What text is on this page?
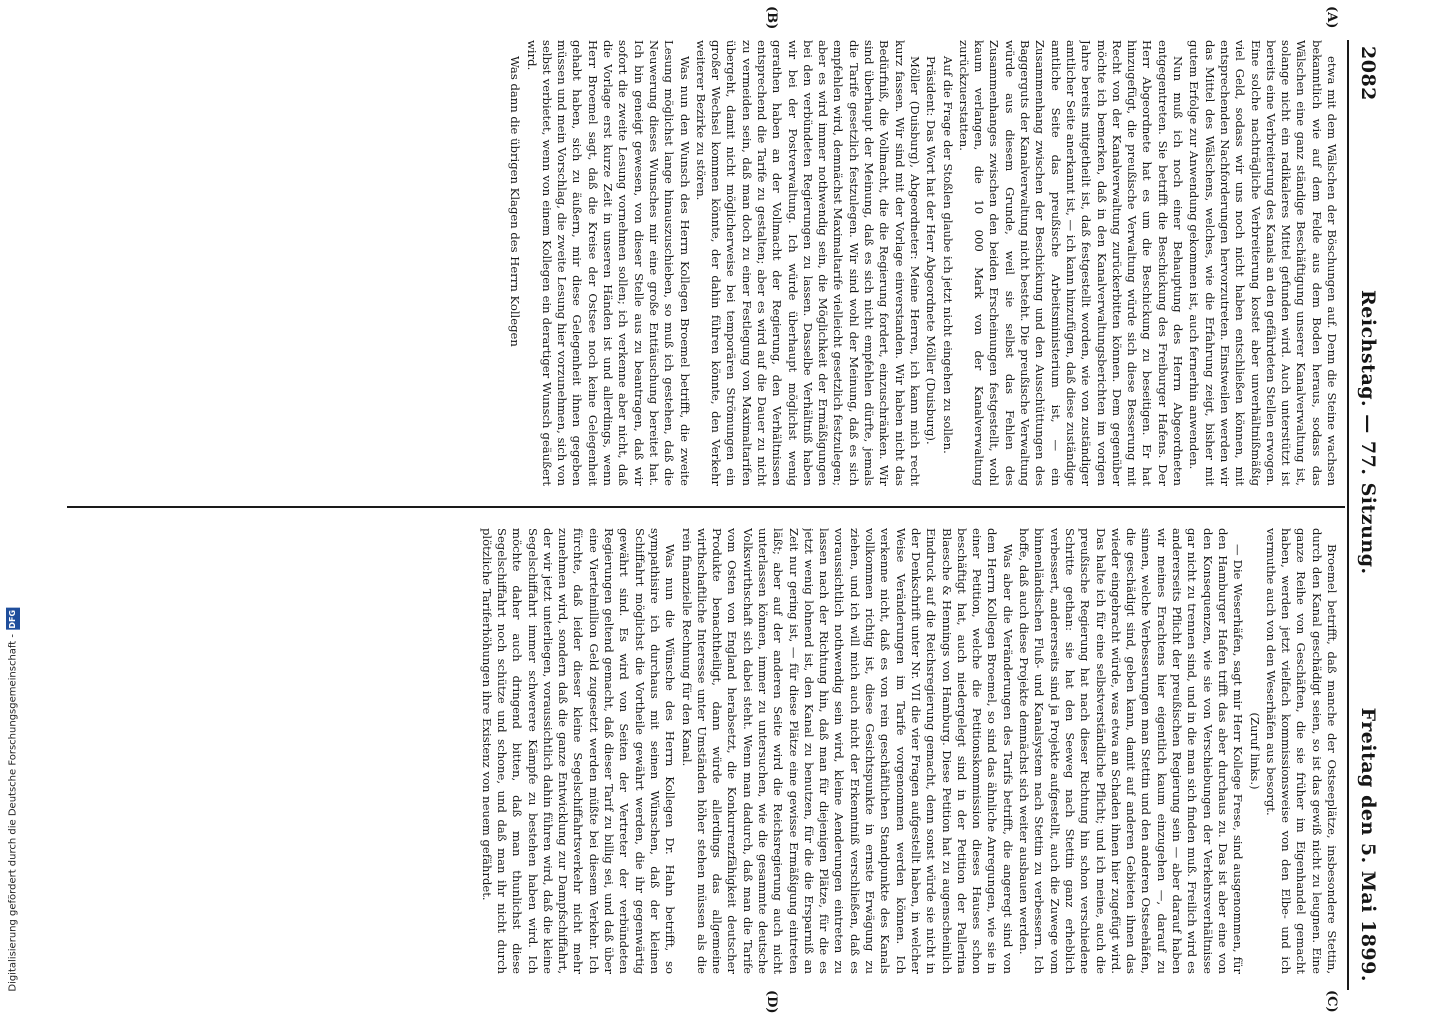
2082
Reichstag. — 77. Sitzung.
Freitag den 5. Mai 1899.
(A)
(B)
(C)
(D)

etwa mit dem Wälschen der Böschungen auf. Denn die Steine wachsen bekanntlich wie auf dem Felde aus dem Boden heraus, sodass das Wälschen eine ganz ständige Beschäftigung unserer Kanalverwaltung ist, solange nicht ein radikaleres Mittel gefunden wird. Auch unterstützt ist bereits eine Verbreiterung des Kanals an den gefährdeten Stellen erwogen. Eine solche nachträgliche Verbreiterung kostet aber unverhältnißmäßig viel Geld, sodass wir uns noch nicht haben entschließen können, mit entsprechenden Nachforderungen hervorzutreten. Einstweilen werden wir das Mittel des Wälschens, welches, wie die Erfahrung zeigt, bisher mit gutem Erfolge zur Anwendung gekommen ist, auch fernerhin anwenden.

Nun muß ich noch einer Behauptung des Herrn Abgeordneten entgegentreten. Sie betrifft die Beschickung des Freiburger Hafens. Der Herr Abgeordnete hat es um die Beschickung zu beseitigen. Er hat hinzugefügt, die preußische Verwaltung würde sich diese Besserung mit Recht von der Kanalverwaltung zurückerbitten können. Dem gegenüber möchte ich bemerken, daß in den Kanalverwaltungsberichten im vorigen Jahre bereits mitgetheilt ist, daß festgestellt worden, wie von zuständiger amtlicher Seite anerkannt ist, — ich kann hinzufügen, daß diese zuständige amtliche Seite das preußische Arbeitsministerium ist, — ein Zusammenhang zwischen der Beschickung und den Ausschüttungen des Baggerguts der Kanalverwaltung nicht besteht. Die preußische Verwaltung würde aus diesem Grunde, weil sie selbst das Fehlen des Zusammenhanges zwischen den beiden Erscheinungen festgestellt, wohl kaum verlangen, die 10 000 Mark von der Kanalverwaltung zurückzuerstatten.

Auf die Frage der Stoßlen glaube ich jetzt nicht eingehen zu sollen.

Präsident: Das Wort hat der Herr Abgeordnete Möller (Duisburg).

Möller (Duisburg), Abgeordneter: Meine Herren, ich kann mich recht kurz fassen. Wir sind mit der Vorlage einverstanden. Wir haben nicht das Bedürfniß, die Vollmacht, die die Regierung fordert, einzuschränken. Wir sind überhaupt der Meinung, daß es sich nicht empfehlen dürfte, jemals die Tarife gesetzlich festzulegen. Wir sind wohl der Meinung, daß es sich empfehlen wird, demnächst Maximaltarife vielleicht gesetzlich festzulegen; aber es wird immer nothwendig sein, die Möglichkeit der Ermäßigungen bei den verbündeten Regierungen zu lassen. Dasselbe Verhältniß haben wir bei der Postverwaltung. Ich würde überhaupt möglichst wenig gerathen haben an der Vollmacht der Regierung, den Verhältnissen entsprechend die Tarife zu gestalten; aber es wird auf die Dauer zu nicht zu vermeiden sein, daß man doch zu einer Festlegung von Maximaltarifen übergeht, damit nicht möglicherweise bei temporären Strömungen ein großer Wechsel kommen könnte, der dahin führen könnte, den Verkehr weiterer Bezirke zu stören.

Was nun den Wunsch des Herrn Kollegen Broemel betrifft, die zweite Lesung möglichst lange hinauszuschieben, so muß ich gestehen, daß die Neuwerung dieses Wunsches mir eine große Enttäuschung bereitet hat. Ich bin geneigt gewesen, von dieser Stelle aus zu beantragen, daß wir sofort die zweite Lesung vornehmen sollen; ich verkenne aber nicht, daß die Vorlage erst kurze Zeit in unseren Händen ist und allerdings, wenn Herr Broemel sagt, daß die Kreise der Ostsee noch keine Gelegenheit gehabt haben, sich zu äußern, mir diese Gelegenheit ihnen gegeben müssen und mein Vorschlag, die zweite Lesung hier vorzunehmen, sich von selbst verbietet, wenn von einem Kollegen ein derartiger Wunsch geäußert wird.

Was dann die übrigen Klagen des Herrn Kollegen

Broemel betrifft, daß manche der Ostseeplätze, insbesondere Stettin, durch den Kanal geschädigt seien, so ist das gewiß nicht zu leugnen. Eine ganze Reihe von Geschäften, die sie früher im Eigenhandel gemacht haben, werden jetzt vielfach kommissionsweise von den Elbe- und ich vermuthe auch von den Weserhäfen aus besorgt.

(Zuruf links.)

— Die Weserhäfen, sagt mir Herr Kollege Frese, sind ausgenommen, für den Hamburger Hafen trifft das aber durchaus zu. Das ist aber eine von den Konsequenzen, wie sie von Verschiebungen der Verkehrsverhältnisse gar nicht zu trennen sind, und in die man sich finden muß. Freilich wird es andererseits Pflicht der preußischen Regierung sein — aber darauf haben wir meines Erachtens hier eigentlich kaum einzugehen —, darauf zu sinnen, welche Verbesserungen man Stettin und den anderen Ostseehäfen, die geschädigt sind, geben kann, damit auf anderen Gebieten ihnen das wieder eingebracht würde, was etwa an Schaden ihnen hier zugefügt wird. Das halte ich für eine selbstverständliche Pflicht; und ich meine, auch die preußische Regierung hat nach dieser Richtung hin schon verschiedene Schritte gethan: sie hat den Seeweg nach Stettin ganz erheblich verbessert, andererseits sind ja Projekte aufgestellt, auch die Zuwege vom binnenländischen Fluß- und Kanalsystem nach Stettin zu verbessern. Ich hoffe, daß auch diese Projekte demnächst sich weiter ausbauen werden.

Was aber die Veränderungen des Tarifs betrifft, die angeregt sind von dem Herrn Kollegen Broemel, so sind das ähnliche Anregungen, wie sie in einer Petition, welche die Petitionskommission dieses Hauses schon beschäftigt hat, auch niedergelegt sind in der Petition der Pallerina Blaesche & Hennings von Hamburg. Diese Petition hat zu augenscheinlich Eindruck auf die Reichsregierung gemacht, denn sonst würde sie nicht in der Denkschrift unter Nr. VII die vier Fragen aufgestellt haben, in welcher Weise Veränderungen im Tarife vorgenommen werden können. Ich verkenne nicht, daß es von rein geschäftlichen Standpunkte des Kanals vollkommen richtig ist, diese Gesichtspunkte in ernste Erwägung zu ziehen, und ich will mich auch nicht der Erkenntniß verschließen, daß es voraussichtlich nothwendig sein wird, kleine Aenderungen eintreten zu lassen nach der Richtung hin, daß man für diejenigen Plätze, für die es jetzt wenig lohnend ist, den Kanal zu benutzen, für die die Ersparniß an Zeit nur gering ist, — für diese Plätze eine gewisse Ermäßigung eintreten läßt; aber auf der anderen Seite wird die Reichsregierung auch nicht unterlassen können, immer zu untersuchen, wie die gesammte deutsche Volkswirthschaft sich dabei steht. Wenn man dadurch, daß man die Tarife vom Osten von England herabsetzt, die Konkurrenzfähigkeit deutscher Produkte benachtheiligt, dann würde allerdings das allgemeine wirthschaftliche Interesse unter Umständen höher stehen müssen als die rein finanzielle Rechnung für den Kanal.

Was nun die Wünsche des Herrn Kollegen Dr. Hahn betrifft, so sympathisire ich durchaus mit seinen Wünschen, daß der kleinen Schiffahrt möglichst die Vortheile gewährt werden, die ihr gegenwärtig gewährt sind. Es wird von Seiten der Vertreter der verbündeten Regierungen geltend gemacht, daß dieser Tarif zu billig sei, und daß über eine Viertelmillion Geld zugesetzt werden müßte bei diesem Verkehr. Ich fürchte, daß leider dieser kleine Segelschiffahrtsverkehr nicht mehr zunehmen wird, sondern daß die ganze Entwicklung zur Dampfschiffahrt, der wir jetzt unterliegen, voraussichtlich dahin führen wird, daß die kleine Segelschiffahrt immer schwerere Kämpfe zu bestehen haben wird. Ich möchte daher auch dringend bitten, daß man thunlichst diese Segelschiffahrt noch schütze und schone, und daß man ihr nicht durch plötzliche Tariferhöhungen ihre Existenz von neuem gefährdet.

Digitalisierung gefördert durch die Deutsche Forschungsgemeinschaft -
DFG
